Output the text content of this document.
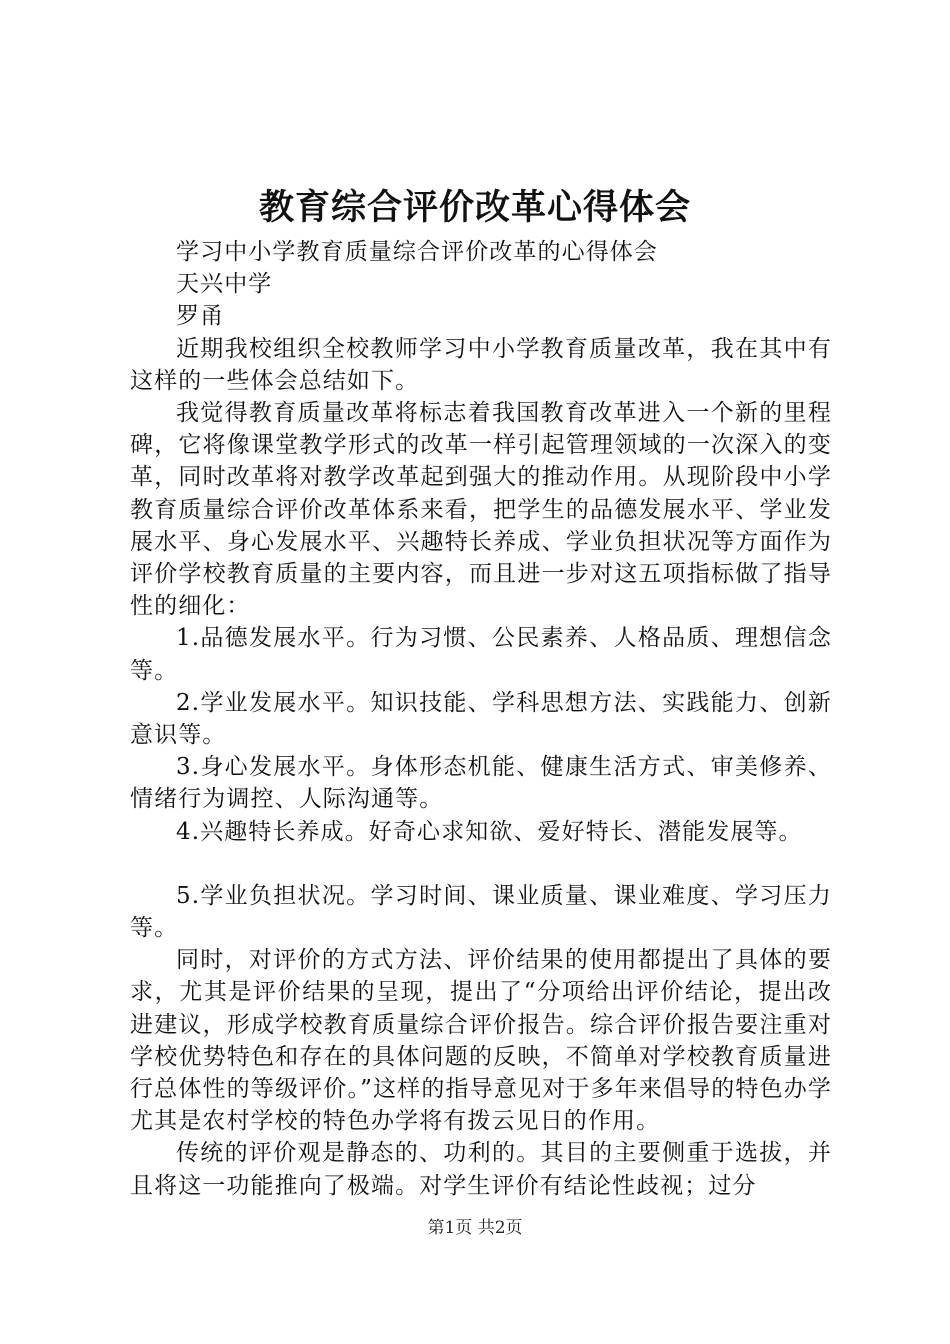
教育综合评价改革心得体会

学习中小学教育质量综合评价改革的心得体会

天兴中学

罗甬

近期我校组织全校教师学习中小学教育质量改革，我在其中有这样的一些体会总结如下。

我觉得教育质量改革将标志着我国教育改革进入一个新的里程碑，它将像课堂教学形式的改革一样引起管理领域的一次深入的变革，同时改革将对教学改革起到强大的推动作用。从现阶段中小学教育质量综合评价改革体系来看，把学生的品德发展水平、学业发展水平、身心发展水平、兴趣特长养成、学业负担状况等方面作为评价学校教育质量的主要内容，而且进一步对这五项指标做了指导性的细化：

1.品德发展水平。行为习惯、公民素养、人格品质、理想信念等。

2.学业发展水平。知识技能、学科思想方法、实践能力、创新意识等。

3.身心发展水平。身体形态机能、健康生活方式、审美修养、情绪行为调控、人际沟通等。

4.兴趣特长养成。好奇心求知欲、爱好特长、潜能发展等。

5.学业负担状况。学习时间、课业质量、课业难度、学习压力等。

同时，对评价的方式方法、评价结果的使用都提出了具体的要求，尤其是评价结果的呈现，提出了“分项给出评价结论，提出改进建议，形成学校教育质量综合评价报告。综合评价报告要注重对学校优势特色和存在的具体问题的反映，不简单对学校教育质量进行总体性的等级评价。”这样的指导意见对于多年来倡导的特色办学尤其是农村学校的特色办学将有拨云见日的作用。

传统的评价观是静态的、功利的。其目的主要侧重于选拔，并且将这一功能推向了极端。对学生评价有结论性歧视；过分

第1页 共2页
